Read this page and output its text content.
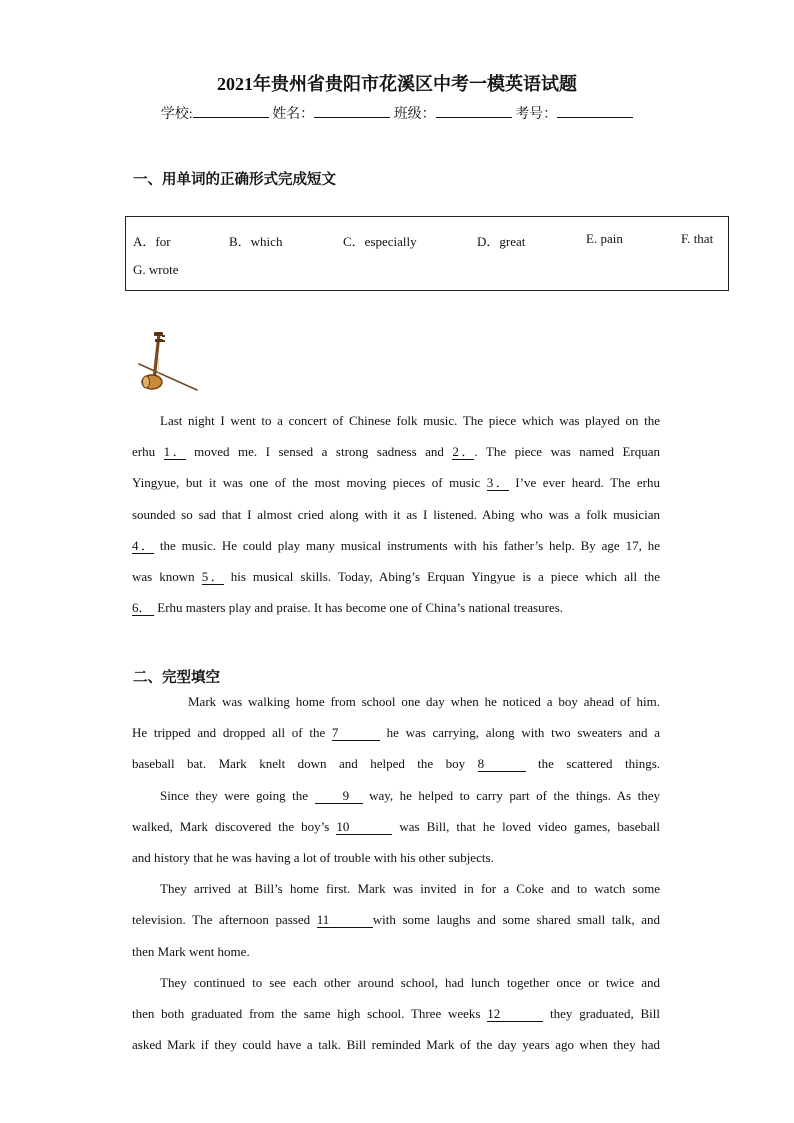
2021年贵州省贵阳市花溪区中考一模英语试题
学校:	姓名：	班级：	考号：
一、用单词的正确形式完成短文
A．for	B．which	C．especially	D．great	E. pain	F. that
G. wrote
Last night I went to a concert of Chinese folk music. The piece which was played on the
erhu 1． moved me. I sensed a strong sadness and 2．. The piece was named Erquan
Yingyue, but it was one of the most moving pieces of music 3． I’ve ever heard. The erhu
sounded so sad that I almost cried along with it as I listened. Abing who was a folk musician
4． the music. He could play many musical instruments with his father’s help. By age 17, he
was known 5． his musical skills. Today, Abing’s Erquan Yingyue is a piece which all the
6． Erhu masters play and praise. It has become one of China’s national treasures.
二、完型填空
Mark was walking home from school one day when he noticed a boy ahead of him.
He tripped and dropped all of the 7	he was carrying, along with two sweaters and a
baseball bat. Mark knelt down and helped the boy 8	the scattered things.
Since they were going the 9 way, he helped to carry part of the things. As they
walked, Mark discovered the boy’s 10	was Bill, that he loved video games, baseball
and history that he was having a lot of trouble with his other subjects.
They arrived at Bill’s home first. Mark was invited in for a Coke and to watch some
television. The afternoon passed 11	with some laughs and some shared small talk, and
then Mark went home.
They continued to see each other around school, had lunch together once or twice and
then both graduated from the same high school. Three weeks 12	they graduated, Bill
asked Mark if they could have a talk. Bill reminded Mark of the day years ago when they had
